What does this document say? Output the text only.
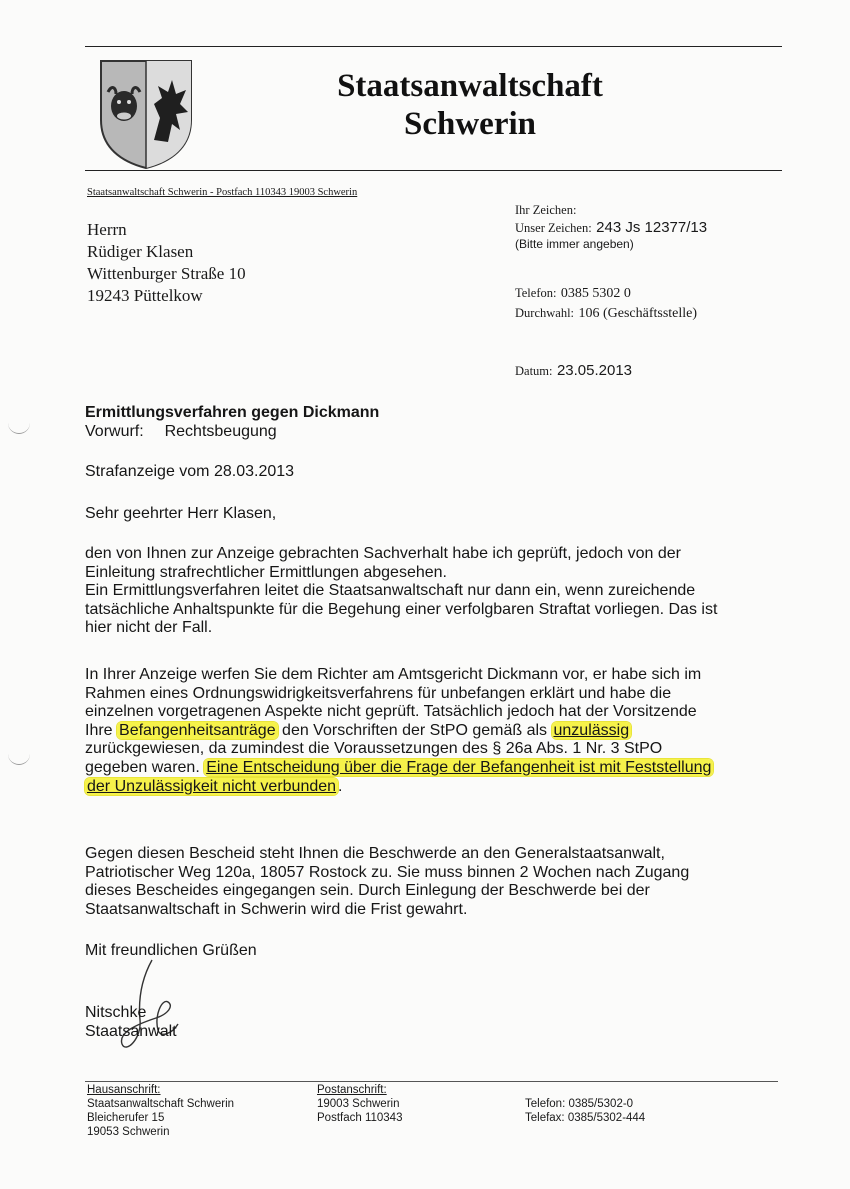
Staatsanwaltschaft
Schwerin
Staatsanwaltschaft Schwerin - Postfach 110343 19003 Schwerin
Herrn
Rüdiger Klasen
Wittenburger Straße 10
19243 Püttelkow
Ihr Zeichen:
Unser Zeichen: 243 Js 12377/13
(Bitte immer angeben)
Telefon: 0385 5302 0
Durchwahl: 106 (Geschäftsstelle)
Datum: 23.05.2013
Ermittlungsverfahren gegen Dickmann
Vorwurf: Rechtsbeugung
Strafanzeige vom 28.03.2013
Sehr geehrter Herr Klasen,
den von Ihnen zur Anzeige gebrachten Sachverhalt habe ich geprüft, jedoch von der
Einleitung strafrechtlicher Ermittlungen abgesehen.
Ein Ermittlungsverfahren leitet die Staatsanwaltschaft nur dann ein, wenn zureichende
tatsächliche Anhaltspunkte für die Begehung einer verfolgbaren Straftat vorliegen. Das ist
hier nicht der Fall.
In Ihrer Anzeige werfen Sie dem Richter am Amtsgericht Dickmann vor, er habe sich im
Rahmen eines Ordnungswidrigkeitsverfahrens für unbefangen erklärt und habe die
einzelnen vorgetragenen Aspekte nicht geprüft. Tatsächlich jedoch hat der Vorsitzende
Ihre Befangenheitsanträge den Vorschriften der StPO gemäß als unzulässig
zurückgewiesen, da zumindest die Voraussetzungen des § 26a Abs. 1 Nr. 3 StPO
gegeben waren. Eine Entscheidung über die Frage der Befangenheit ist mit Feststellung
der Unzulässigkeit nicht verbunden .
Gegen diesen Bescheid steht Ihnen die Beschwerde an den Generalstaatsanwalt,
Patriotischer Weg 120a, 18057 Rostock zu. Sie muss binnen 2 Wochen nach Zugang
dieses Bescheides eingegangen sein. Durch Einlegung der Beschwerde bei der
Staatsanwaltschaft in Schwerin wird die Frist gewahrt.
Mit freundlichen Grüßen
Nitschke
Staatsanwalt
Hausanschrift:
Staatsanwaltschaft Schwerin
Bleicherufer 15
19053 Schwerin
Postanschrift:
19003 Schwerin
Postfach 110343
Telefon: 0385/5302-0
Telefax: 0385/5302-444
